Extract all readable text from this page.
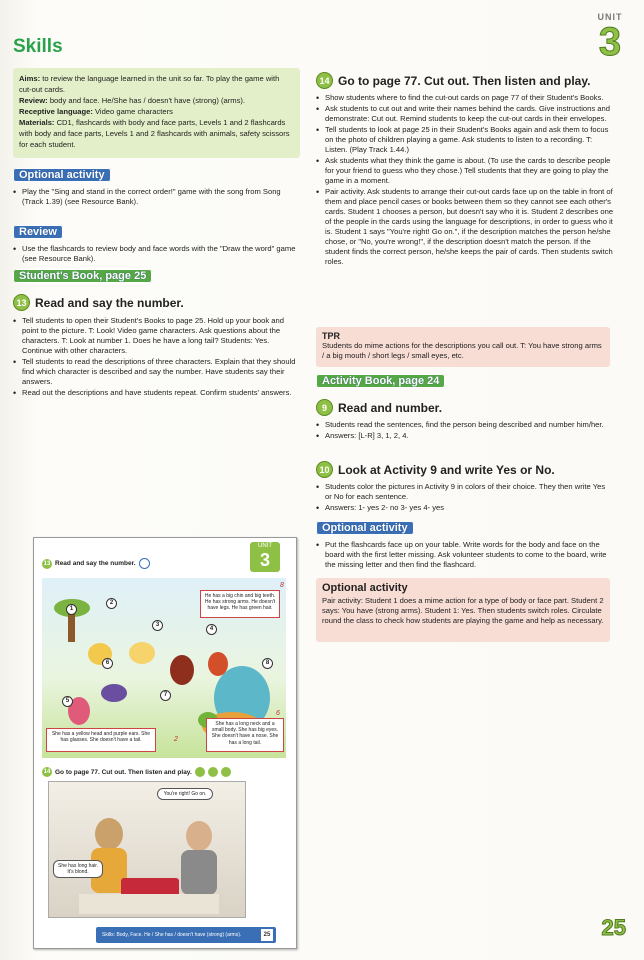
UNIT
3
Skills

Aims: to review the language learned in the unit so far. To play the game with cut-out cards.

Review: body and face. He/She has / doesn't have (strong) (arms).

Receptive language: Video game characters

Materials: CD1, flashcards with body and face parts, Levels 1 and 2 flashcards with body and face parts, Levels 1 and 2 flashcards with animals, safety scissors for each student.

Optional activity
• Play the "Sing and stand in the correct order!" game with the song from Song (Track 1.39) (see Resource Bank).
Review
• Use the flashcards to review body and face words with the "Draw the word" game (see Resource Bank).
Student's Book, page 25
13 Read and say the number.
• Tell students to open their Student's Books to page 25. Hold up your book and point to the picture. T: Look! Video game characters. Ask questions about the characters. T: Look at number 1. Does he have a long tail? Students: Yes. Continue with other characters.
• Tell students to read the descriptions of three characters. Explain that they should find which character is described and say the number. Have students say their answers.
• Read out the descriptions and have students repeat. Confirm students' answers.
14 Go to page 77. Cut out. Then listen and play.
• Show students where to find the cut-out cards on page 77 of their Student's Books.
• Ask students to cut out and write their names behind the cards. Give instructions and demonstrate: Cut out. Remind students to keep the cut-out cards in their envelopes.
• Tell students to look at page 25 in their Student's Books again and ask them to focus on the photo of children playing a game. Ask students to listen to a recording. T: Listen. (Play Track 1.44.)
• Ask students what they think the game is about. (To use the cards to describe people for your friend to guess who they chose.) Tell students that they are going to play the game in a moment.
• Pair activity. Ask students to arrange their cut-out cards face up on the table in front of them and place pencil cases or books between them so they cannot see each other's cards. Student 1 chooses a person, but doesn't say who it is. Student 2 describes one of the people in the cards using the language for descriptions, in order to guess who it is. Student 1 says "You're right! Go on.", if the description matches the person he/she chose, or "No, you're wrong!", if the description doesn't match the person. If the student finds the correct person, he/she keeps the pair of cards. Then students switch roles.
TPR
Students do mime actions for the descriptions you call out. T: You have strong arms / a big mouth / short legs / small eyes, etc.
Activity Book, page 24
9 Read and number.
• Students read the sentences, find the person being described and number him/her.
• Answers: [L-R] 3, 1, 2, 4.
10 Look at Activity 9 and write Yes or No.
• Students color the pictures in Activity 9 in colors of their choice. They then write Yes or No for each sentence.
• Answers: 1- yes 2- no 3- yes 4- yes
Optional activity
• Put the flashcards face up on your table. Write words for the body and face on the board with the first letter missing. Ask volunteer students to come to the board, write the missing letter and then find the flashcard.
Optional activity
Pair activity: Student 1 does a mime action for a type of body or face part. Student 2 says: You have (strong arms). Student 1: Yes. Then students switch roles. Circulate round the class to check how students are playing the game and help as necessary.
UNIT
3
13 Read and say the number.
1
2
3
4
5
6
7
8
He has a big chin and big teeth. He has strong arms. He doesn't have legs. He has green hair.
She has a yellow head and purple ears. She has glasses. She doesn't have a tail.
She has a long neck and a small body. She has big eyes. She doesn't have a nose. She has a long tail.
8
2
6
14 Go to page 77. Cut out. Then listen and play.
You're right! Go on.
She has long hair. It's blond.
Skills: Body, Face. He / She has / doesn't have (strong) (arms).	25	25
